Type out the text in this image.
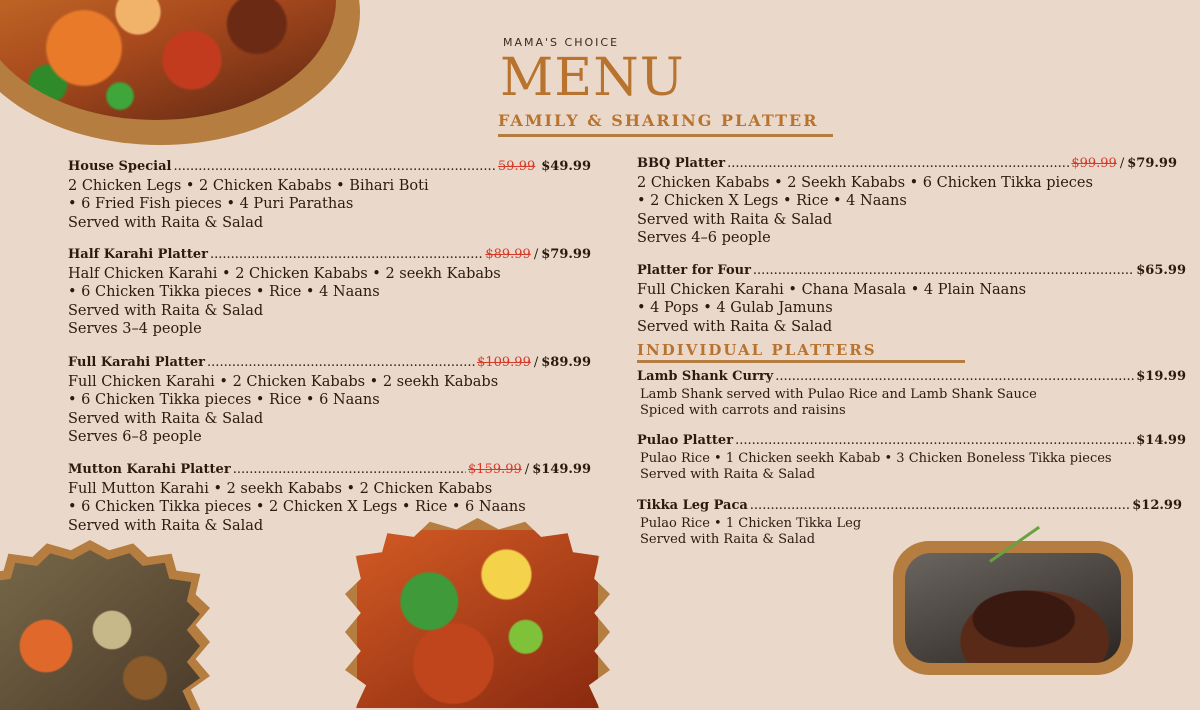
MAMA'S CHOICE
MENU
FAMILY & SHARING PLATTER
INDIVIDUAL PLATTERS
House Special .....	59.99 $49.99
2 Chicken Legs • 2 Chicken Kababs • Bihari Boti
• 6 Fried Fish pieces • 4 Puri Parathas
Served with Raita & Salad
Half Karahi Platter .....	$89.99 / $79.99
Half Chicken Karahi • 2 Chicken Kababs • 2 seekh Kababs
• 6 Chicken Tikka pieces • Rice • 4 Naans
Served with Raita & Salad
Serves 3–4 people
Full Karahi Platter .....	$109.99 / $89.99
Full Chicken Karahi • 2 Chicken Kababs • 2 seekh Kababs
• 6 Chicken Tikka pieces • Rice • 6 Naans
Served with Raita & Salad
Serves 6–8 people
Mutton Karahi Platter .....	$159.99 / $149.99
Full Mutton Karahi • 2 seekh Kababs • 2 Chicken Kababs
• 6 Chicken Tikka pieces • 2 Chicken X Legs • Rice • 6 Naans
Served with Raita & Salad
BBQ Platter .....	$99.99 / $79.99
2 Chicken Kababs • 2 Seekh Kababs • 6 Chicken Tikka pieces
• 2 Chicken X Legs • Rice • 4 Naans
Served with Raita & Salad
Serves 4–6 people
Platter for Four .....	$65.99
Full Chicken Karahi • Chana Masala • 4 Plain Naans
• 4 Pops • 4 Gulab Jamuns
Served with Raita & Salad
Lamb Shank Curry .....	$19.99
Lamb Shank served with Pulao Rice and Lamb Shank Sauce
Spiced with carrots and raisins
Pulao Platter .....	$14.99
Pulao Rice • 1 Chicken seekh Kabab • 3 Chicken Boneless Tikka pieces
Served with Raita & Salad
Tikka Leg Paca .....	$12.99
Pulao Rice • 1 Chicken Tikka Leg
Served with Raita & Salad
